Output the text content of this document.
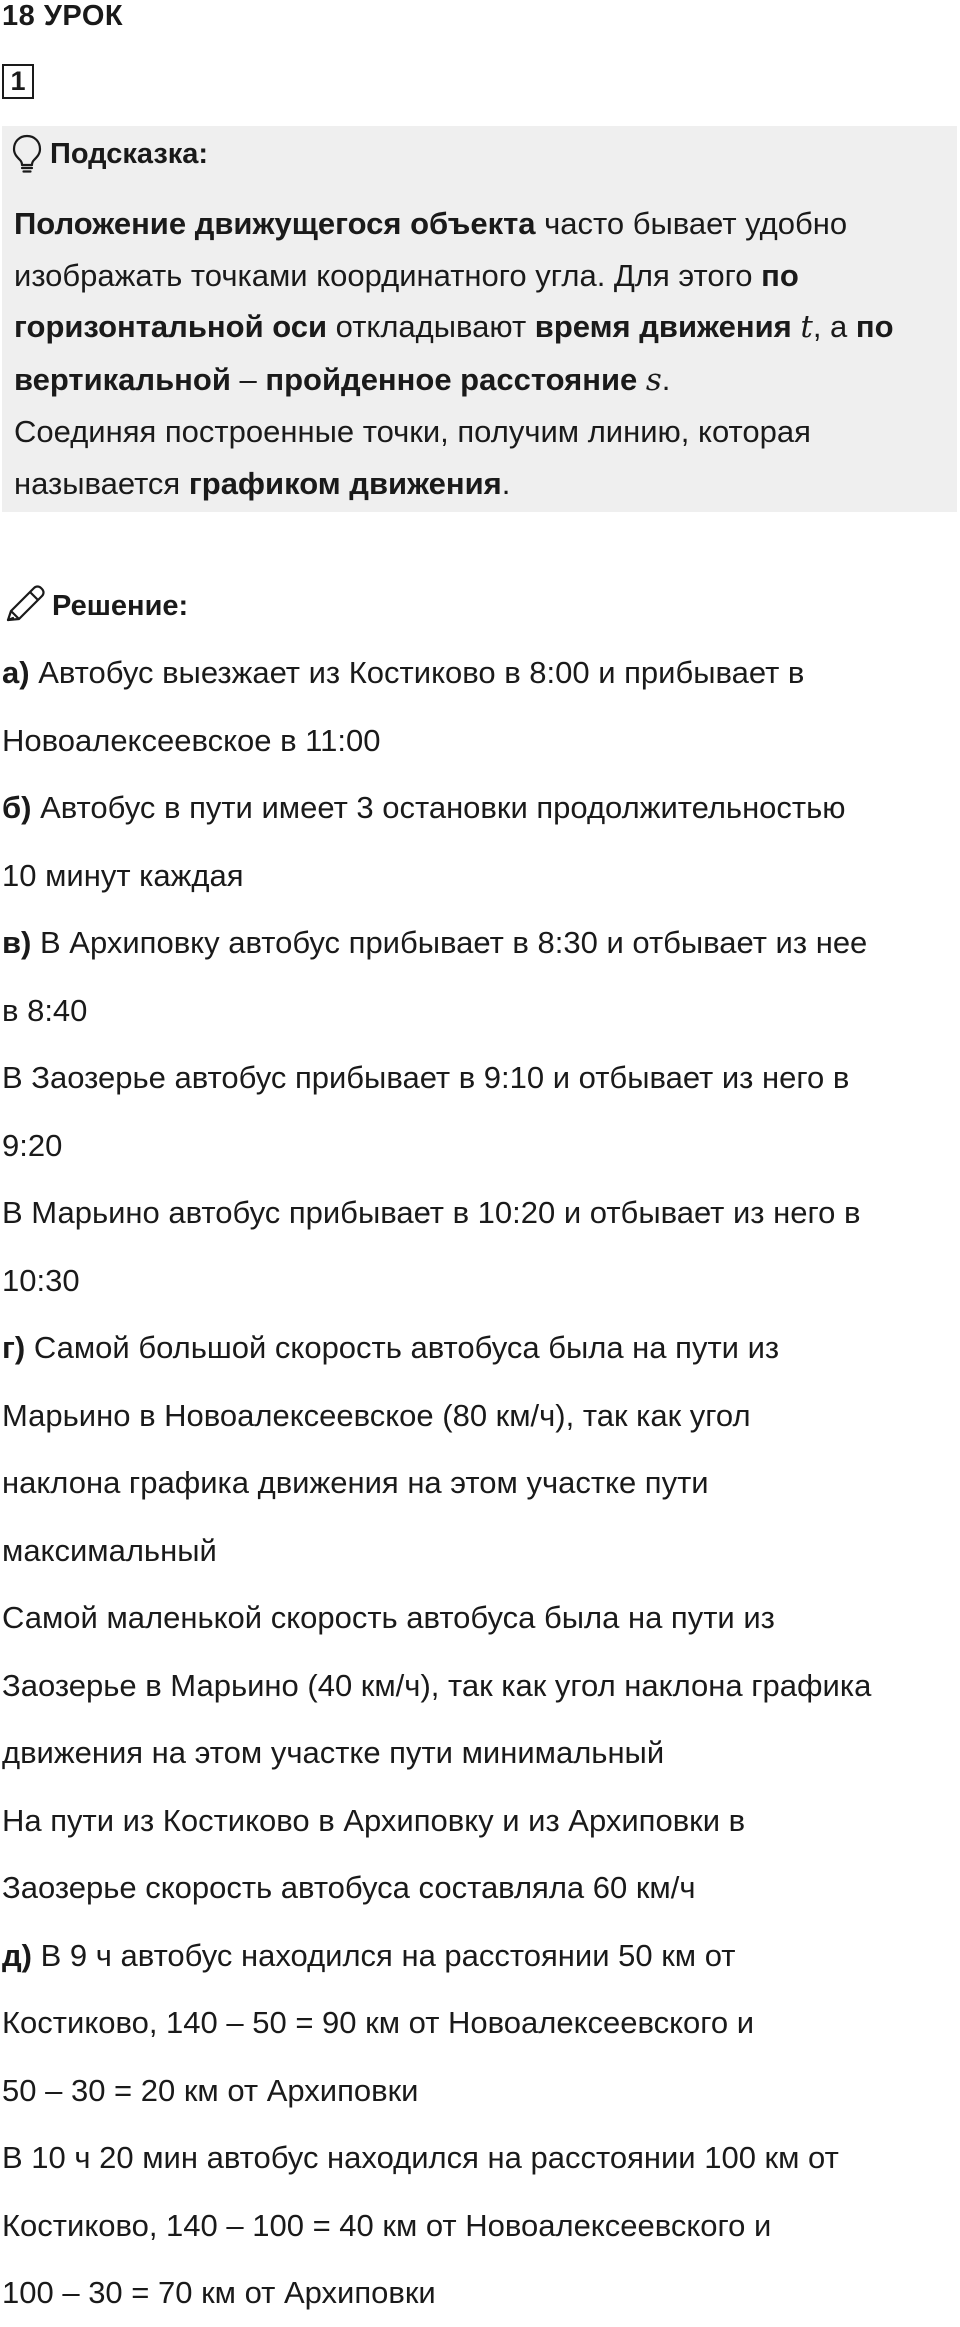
18 УРОК
1
Подсказка:
Положение движущегося объекта часто бывает удобно
изображать точками координатного угла. Для этого по
горизонтальной оси откладывают время движения t, а по
вертикальной – пройденное расстояние s.
Соединяя построенные точки, получим линию, которая
называется графиком движения.
Решение:
а) Автобус выезжает из Костиково в 8:00 и прибывает в
Новоалексеевское в 11:00
б) Автобус в пути имеет 3 остановки продолжительностью
10 минут каждая
в) В Архиповку автобус прибывает в 8:30 и отбывает из нее
в 8:40
В Заозерье автобус прибывает в 9:10 и отбывает из него в
9:20
В Марьино автобус прибывает в 10:20 и отбывает из него в
10:30
г) Самой большой скорость автобуса была на пути из
Марьино в Новоалексеевское (80 км/ч), так как угол
наклона графика движения на этом участке пути
максимальный
Самой маленькой скорость автобуса была на пути из
Заозерье в Марьино (40 км/ч), так как угол наклона графика
движения на этом участке пути минимальный
На пути из Костиково в Архиповку и из Архиповки в
Заозерье скорость автобуса составляла 60 км/ч
д) В 9 ч автобус находился на расстоянии 50 км от
Костиково, 140 – 50 = 90 км от Новоалексеевского и
50 – 30 = 20 км от Архиповки
В 10 ч 20 мин автобус находился на расстоянии 100 км от
Костиково, 140 – 100 = 40 км от Новоалексеевского и
100 – 30 = 70 км от Архиповки
